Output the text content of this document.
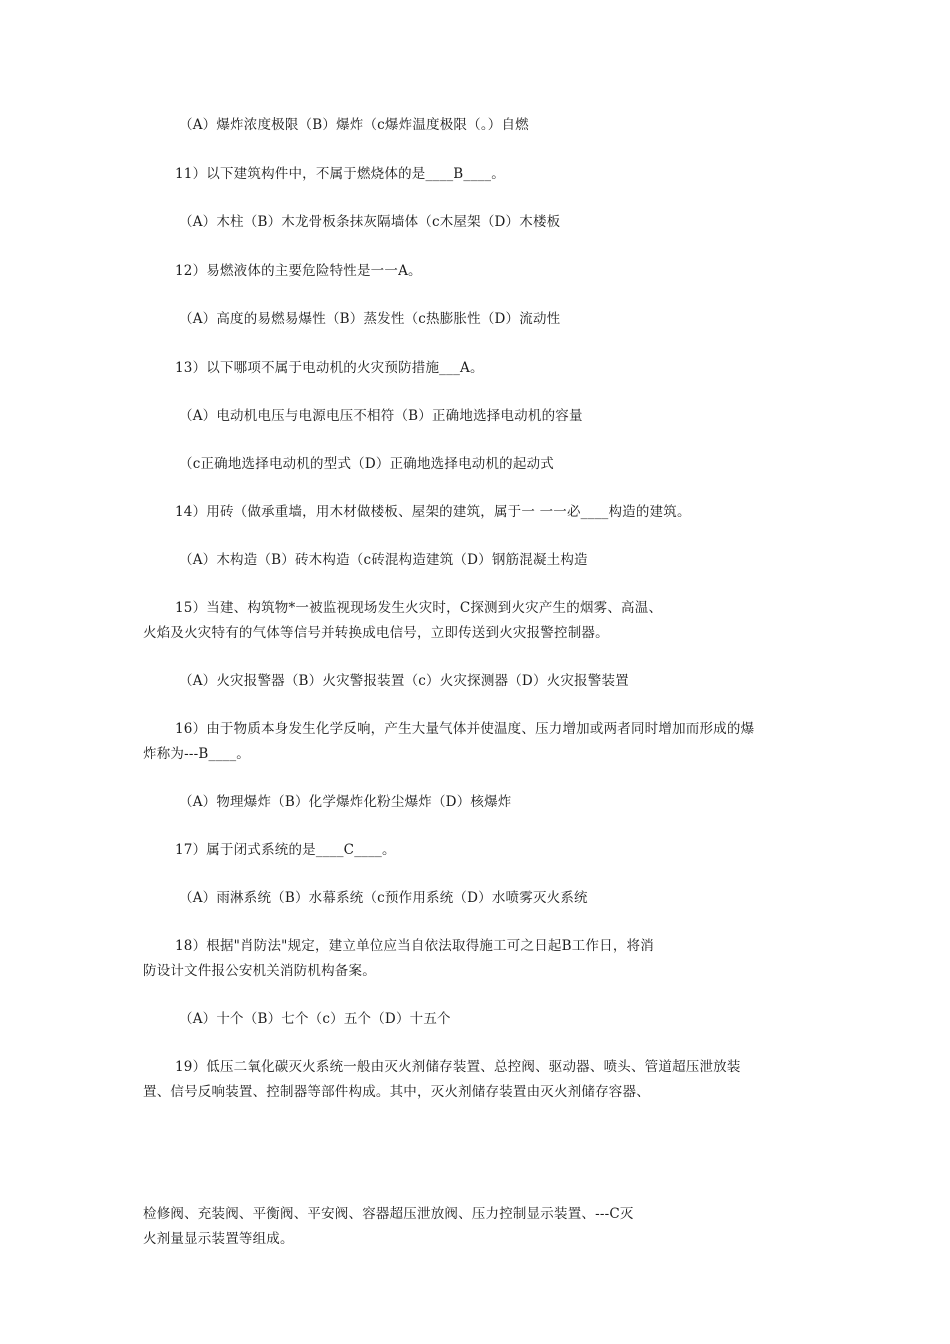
（A）爆炸浓度极限（B）爆炸（c爆炸温度极限（。）自燃
11）以下建筑构件中，不属于燃烧体的是____B____。
（A）木柱（B）木龙骨板条抹灰隔墙体（c木屋架（D）木楼板
12）易燃液体的主要危险特性是一一A。
（A）高度的易燃易爆性（B）蒸发性（c热膨胀性（D）流动性
13）以下哪项不属于电动机的火灾预防措施___A。
（A）电动机电压与电源电压不相符（B）正确地选择电动机的容量
（c正确地选择电动机的型式（D）正确地选择电动机的起动式
14）用砖（做承重墙，用木材做楼板、屋架的建筑，属于一 一一必____构造的建筑。
（A）木构造（B）砖木构造（c砖混构造建筑（D）钢筋混凝土构造
15）当建、构筑物*一被监视现场发生火灾时，C探测到火灾产生的烟雾、高温、
火焰及火灾特有的气体等信号并转换成电信号，立即传送到火灾报警控制器。
（A）火灾报警器（B）火灾警报装置（c）火灾探测器（D）火灾报警装置
16）由于物质本身发生化学反响，产生大量气体并使温度、压力增加或两者同时增加而形成的爆
炸称为---B____。
（A）物理爆炸（B）化学爆炸化粉尘爆炸（D）核爆炸
17）属于闭式系统的是____C____。
（A）雨淋系统（B）水幕系统（c预作用系统（D）水喷雾灭火系统
18）根据"肖防法"规定，建立单位应当自依法取得施工可之日起B工作日，将消
防设计文件报公安机关消防机构备案。
（A）十个（B）七个（c）五个（D）十五个
19）低压二氧化碳灭火系统一般由灭火剂储存装置、总控阀、驱动器、喷头、管道超压泄放装
置、信号反响装置、控制器等部件构成。其中，灭火剂储存装置由灭火剂储存容器、
检修阀、充装阀、平衡阀、平安阀、容器超压泄放阀、压力控制显示装置、---C灭
火剂量显示装置等组成。
